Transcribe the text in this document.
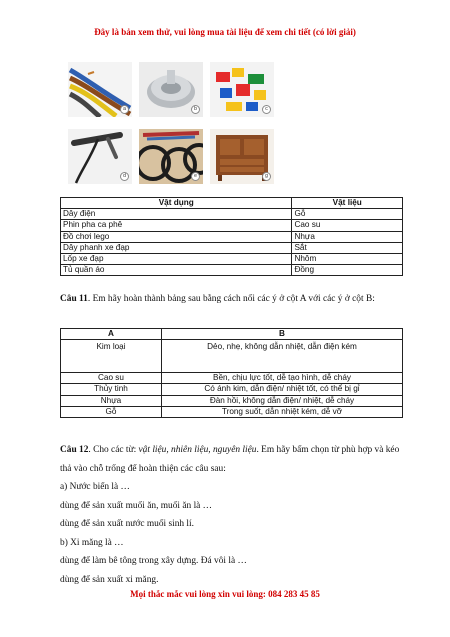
Đây là bản xem thử, vui lòng mua tài liệu để xem chi tiết (có lời giải)
a	b	c
d	e	g
Vật dụng	Vật liệu
Dây điện	Gỗ
Phin pha ca phê	Cao su
Đồ chơi lego	Nhựa
Dây phanh xe đạp	Sắt
Lốp xe đạp	Nhôm
Tủ quần áo	Đồng
Câu 11. Em hãy hoàn thành bảng sau bằng cách nối các ý ở cột A với các ý ở cột B:
A	B
Kim loại	Dẻo, nhẹ, không dẫn nhiệt, dẫn điện kém
Cao su	Bền, chịu lực tốt, dễ tạo hình, dễ cháy
Thủy tinh	Có ánh kim, dẫn điện/ nhiệt tốt, có thể bị gỉ
Nhựa	Đàn hồi, không dẫn điện/ nhiệt, dễ cháy
Gỗ	Trong suốt, dẫn nhiệt kém, dễ vỡ

Câu 12. Cho các từ: vật liệu, nhiên liệu, nguyên liệu. Em hãy bấm chọn từ phù hợp và kéo thả vào chỗ trống để hoàn thiện các câu sau:

a) Nước biển là …

dùng để sản xuất muối ăn, muối ăn là …

dùng để sản xuất nước muối sinh lí.

b) Xi măng là …

dùng để làm bê tông trong xây dựng. Đá vôi là …

dùng để sản xuất xi măng.

Mọi thắc mắc vui lòng xin vui lòng: 084 283 45 85
